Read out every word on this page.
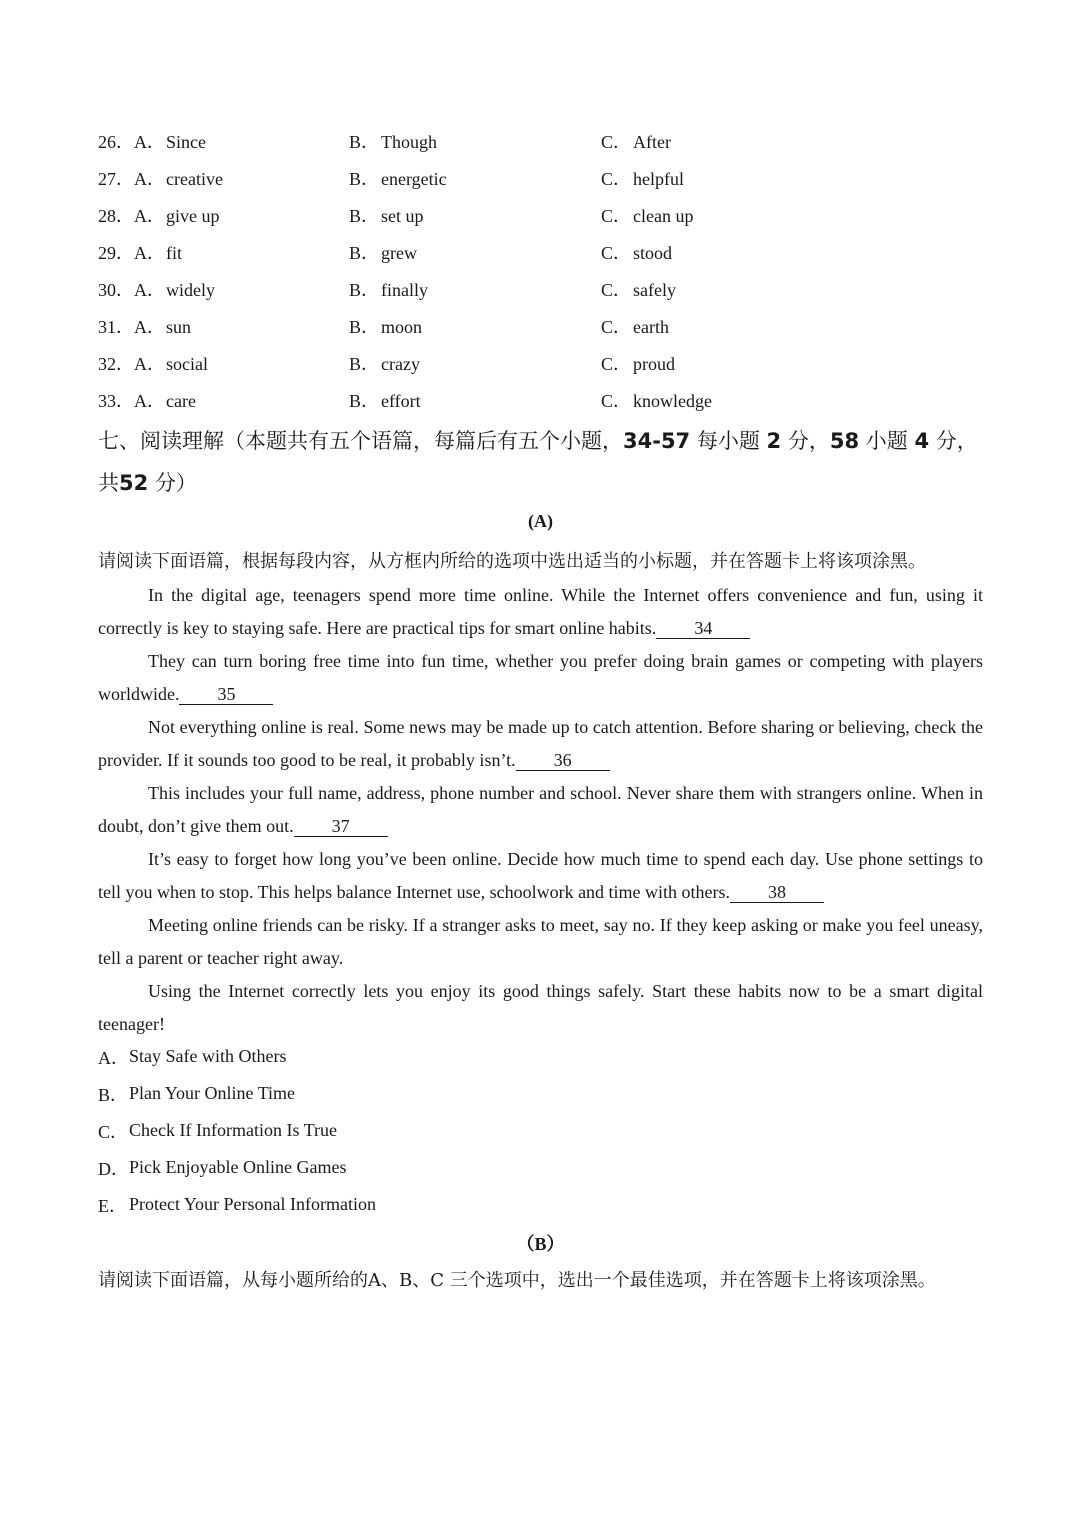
26． A．Since	B． Though	C． After
27． A．creative	B． energetic	C． helpful
28． A．give up	B． set up	C． clean up
29． A．fit	B． grew	C． stood
30． A．widely	B． finally	C． safely
31． A．sun	B． moon	C． earth
32． A．social	B． crazy	C． proud
33． A．care	B． effort	C． knowledge
七、阅读理解（本题共有五个语篇，每篇后有五个小题，34-57 每小题 2 分，58 小题 4 分，共52 分）
(A)
请阅读下面语篇，根据每段内容，从方框内所给的选项中选出适当的小标题，并在答题卡上将该项涂黑。

In the digital age, teenagers spend more time online. While the Internet offers convenience and fun, using it correctly is key to staying safe. Here are practical tips for smart online habits. 34

They can turn boring free time into fun time, whether you prefer doing brain games or competing with players worldwide. 35

Not everything online is real. Some news may be made up to catch attention. Before sharing or believing, check the provider. If it sounds too good to be real, it probably isn’t. 36

This includes your full name, address, phone number and school. Never share them with strangers online. When in doubt, don’t give them out. 37

It’s easy to forget how long you’ve been online. Decide how much time to spend each day. Use phone settings to tell you when to stop. This helps balance Internet use, schoolwork and time with others. 38

Meeting online friends can be risky. If a stranger asks to meet, say no. If they keep asking or make you feel uneasy, tell a parent or teacher right away.

Using the Internet correctly lets you enjoy its good things safely. Start these habits now to be a smart digital teenager!

A． Stay Safe with Others
B． Plan Your Online Time
C． Check If Information Is True
D． Pick Enjoyable Online Games
E． Protect Your Personal Information
（B）
请阅读下面语篇，从每小题所给的A、B、C 三个选项中，选出一个最佳选项，并在答题卡上将该项涂黑。
